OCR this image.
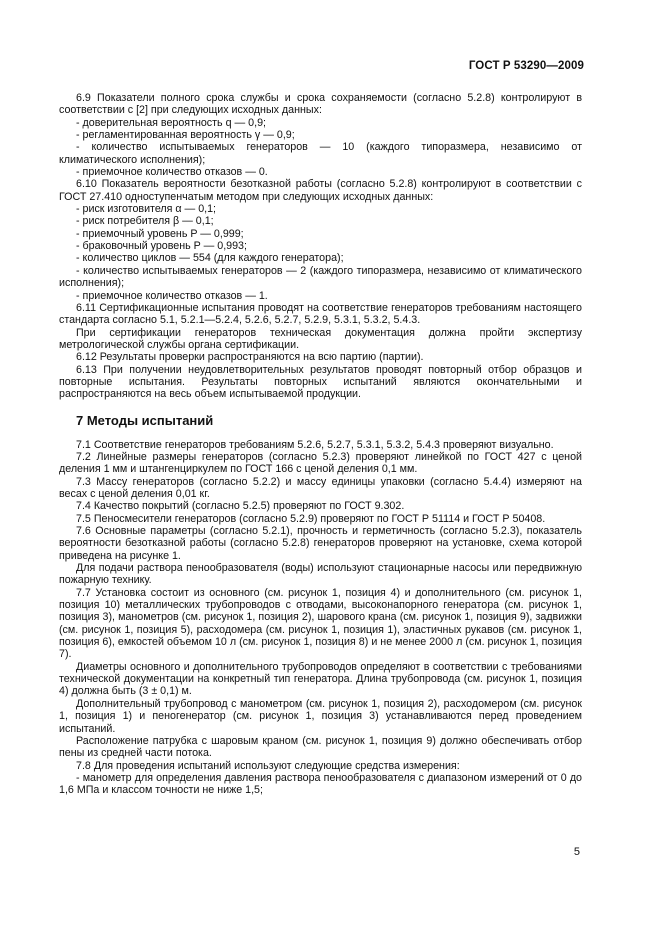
ГОСТ Р 53290—2009

6.9 Показатели полного срока службы и срока сохраняемости (согласно 5.2.8) контролируют в соответствии с [2] при следующих исходных данных:

- доверительная вероятность q — 0,9;

- регламентированная вероятность γ — 0,9;

- количество испытываемых генераторов — 10 (каждого типоразмера, независимо от климатического исполнения);

- приемочное количество отказов — 0.

6.10 Показатель вероятности безотказной работы (согласно 5.2.8) контролируют в соответствии с ГОСТ 27.410 одноступенчатым методом при следующих исходных данных:

- риск изготовителя α — 0,1;

- риск потребителя β — 0,1;

- приемочный уровень P — 0,999;

- браковочный уровень P — 0,993;

- количество циклов — 554 (для каждого генератора);

- количество испытываемых генераторов — 2 (каждого типоразмера, независимо от климатического исполнения);

- приемочное количество отказов — 1.

6.11 Сертификационные испытания проводят на соответствие генераторов требованиям настоящего стандарта согласно 5.1, 5.2.1—5.2.4, 5.2.6, 5.2.7, 5.2.9, 5.3.1, 5.3.2, 5.4.3.

При сертификации генераторов техническая документация должна пройти экспертизу метрологической службы органа сертификации.

6.12 Результаты проверки распространяются на всю партию (партии).

6.13 При получении неудовлетворительных результатов проводят повторный отбор образцов и повторные испытания. Результаты повторных испытаний являются окончательными и распространяются на весь объем испытываемой продукции.

7 Методы испытаний

7.1 Соответствие генераторов требованиям 5.2.6, 5.2.7, 5.3.1, 5.3.2, 5.4.3 проверяют визуально.

7.2 Линейные размеры генераторов (согласно 5.2.3) проверяют линейкой по ГОСТ 427 с ценой деления 1 мм и штангенциркулем по ГОСТ 166 с ценой деления 0,1 мм.

7.3 Массу генераторов (согласно 5.2.2) и массу единицы упаковки (согласно 5.4.4) измеряют на весах с ценой деления 0,01 кг.

7.4 Качество покрытий (согласно 5.2.5) проверяют по ГОСТ 9.302.

7.5 Пеносмесители генераторов (согласно 5.2.9) проверяют по ГОСТ Р 51114 и ГОСТ Р 50408.

7.6 Основные параметры (согласно 5.2.1), прочность и герметичность (согласно 5.2.3), показатель вероятности безотказной работы (согласно 5.2.8) генераторов проверяют на установке, схема которой приведена на рисунке 1.

Для подачи раствора пенообразователя (воды) используют стационарные насосы или передвижную пожарную технику.

7.7 Установка состоит из основного (см. рисунок 1, позиция 4) и дополнительного (см. рисунок 1, позиция 10) металлических трубопроводов с отводами, высоконапорного генератора (см. рисунок 1, позиция 3), манометров (см. рисунок 1, позиция 2), шарового крана (см. рисунок 1, позиция 9), задвижки (см. рисунок 1, позиция 5), расходомера (см. рисунок 1, позиция 1), эластичных рукавов (см. рисунок 1, позиция 6), емкостей объемом 10 л (см. рисунок 1, позиция 8) и не менее 2000 л (см. рисунок 1, позиция 7).

Диаметры основного и дополнительного трубопроводов определяют в соответствии с требованиями технической документации на конкретный тип генератора. Длина трубопровода (см. рисунок 1, позиция 4) должна быть (3 ± 0,1) м.

Дополнительный трубопровод с манометром (см. рисунок 1, позиция 2), расходомером (см. рисунок 1, позиция 1) и пеногенератор (см. рисунок 1, позиция 3) устанавливаются перед проведением испытаний.

Расположение патрубка с шаровым краном (см. рисунок 1, позиция 9) должно обеспечивать отбор пены из средней части потока.

7.8 Для проведения испытаний используют следующие средства измерения:

- манометр для определения давления раствора пенообразователя с диапазоном измерений от 0 до 1,6 МПа и классом точности не ниже 1,5;

5
